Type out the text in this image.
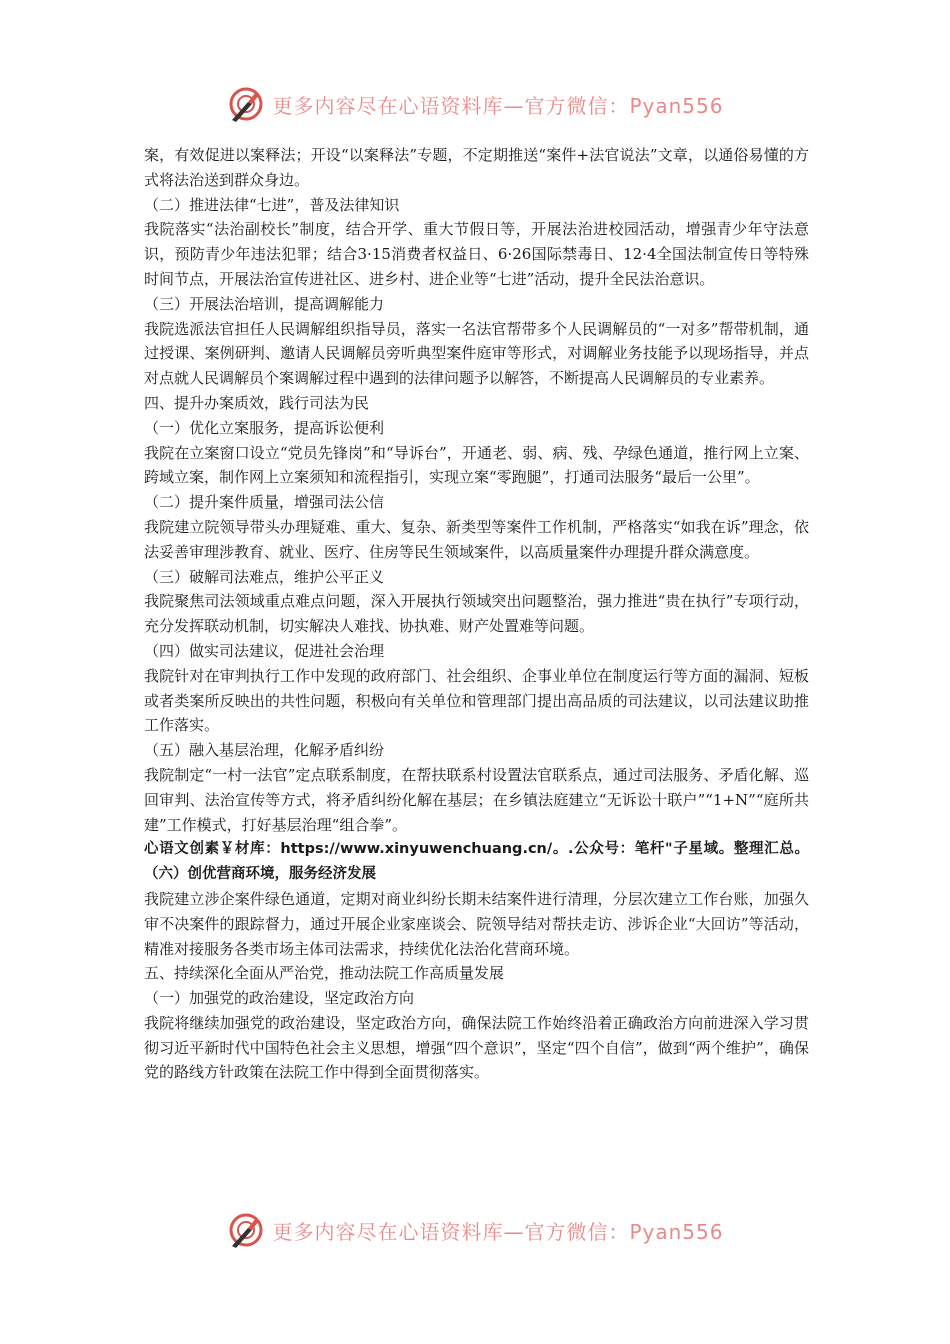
更多内容尽在心语资料库—官方微信：Pyan556

案，有效促进以案释法；开设“以案释法”专题，不定期推送“案件+法官说法”文章，以通俗易懂的方式将法治送到群众身边。

（二）推进法律“七进”，普及法律知识

我院落实“法治副校长”制度，结合开学、重大节假日等，开展法治进校园活动，增强青少年守法意识，预防青少年违法犯罪；结合3·15消费者权益日、6·26国际禁毒日、12·4全国法制宣传日等特殊时间节点，开展法治宣传进社区、进乡村、进企业等“七进”活动，提升全民法治意识。

（三）开展法治培训，提高调解能力

我院选派法官担任人民调解组织指导员，落实一名法官帮带多个人民调解员的“一对多”帮带机制，通过授课、案例研判、邀请人民调解员旁听典型案件庭审等形式，对调解业务技能予以现场指导，并点对点就人民调解员个案调解过程中遇到的法律问题予以解答，不断提高人民调解员的专业素养。

四、提升办案质效，践行司法为民

（一）优化立案服务，提高诉讼便利

我院在立案窗口设立“党员先锋岗”和“导诉台”，开通老、弱、病、残、孕绿色通道，推行网上立案、跨域立案，制作网上立案须知和流程指引，实现立案“零跑腿”，打通司法服务“最后一公里”。

（二）提升案件质量，增强司法公信

我院建立院领导带头办理疑难、重大、复杂、新类型等案件工作机制，严格落实“如我在诉”理念，依法妥善审理涉教育、就业、医疗、住房等民生领域案件，以高质量案件办理提升群众满意度。

（三）破解司法难点，维护公平正义

我院聚焦司法领域重点难点问题，深入开展执行领域突出问题整治，强力推进“贵在执行”专项行动，充分发挥联动机制，切实解决人难找、协执难、财产处置难等问题。

（四）做实司法建议，促进社会治理

我院针对在审判执行工作中发现的政府部门、社会组织、企事业单位在制度运行等方面的漏洞、短板或者类案所反映出的共性问题，积极向有关单位和管理部门提出高品质的司法建议，以司法建议助推工作落实。

（五）融入基层治理，化解矛盾纠纷

我院制定“一村一法官”定点联系制度，在帮扶联系村设置法官联系点，通过司法服务、矛盾化解、巡回审判、法治宣传等方式，将矛盾纠纷化解在基层；在乡镇法庭建立“无诉讼十联户”“1+N”“庭所共建”工作模式，打好基层治理“组合拳”。

心语文创素￥材库：https://www.xinyuwenchuang.cn/。.公众号：笔杆"子星域。整理汇总。（六）创优营商环境，服务经济发展

我院建立涉企案件绿色通道，定期对商业纠纷长期未结案件进行清理，分层次建立工作台账，加强久审不决案件的跟踪督力，通过开展企业家座谈会、院领导结对帮扶走访、涉诉企业“大回访”等活动，精准对接服务各类市场主体司法需求，持续优化法治化营商环境。

五、持续深化全面从严治党，推动法院工作高质量发展

（一）加强党的政治建设，坚定政治方向

我院将继续加强党的政治建设，坚定政治方向，确保法院工作始终沿着正确政治方向前进深入学习贯彻习近平新时代中国特色社会主义思想，增强“四个意识”，坚定“四个自信”，做到“两个维护”，确保党的路线方针政策在法院工作中得到全面贯彻落实。

更多内容尽在心语资料库—官方微信：Pyan556
